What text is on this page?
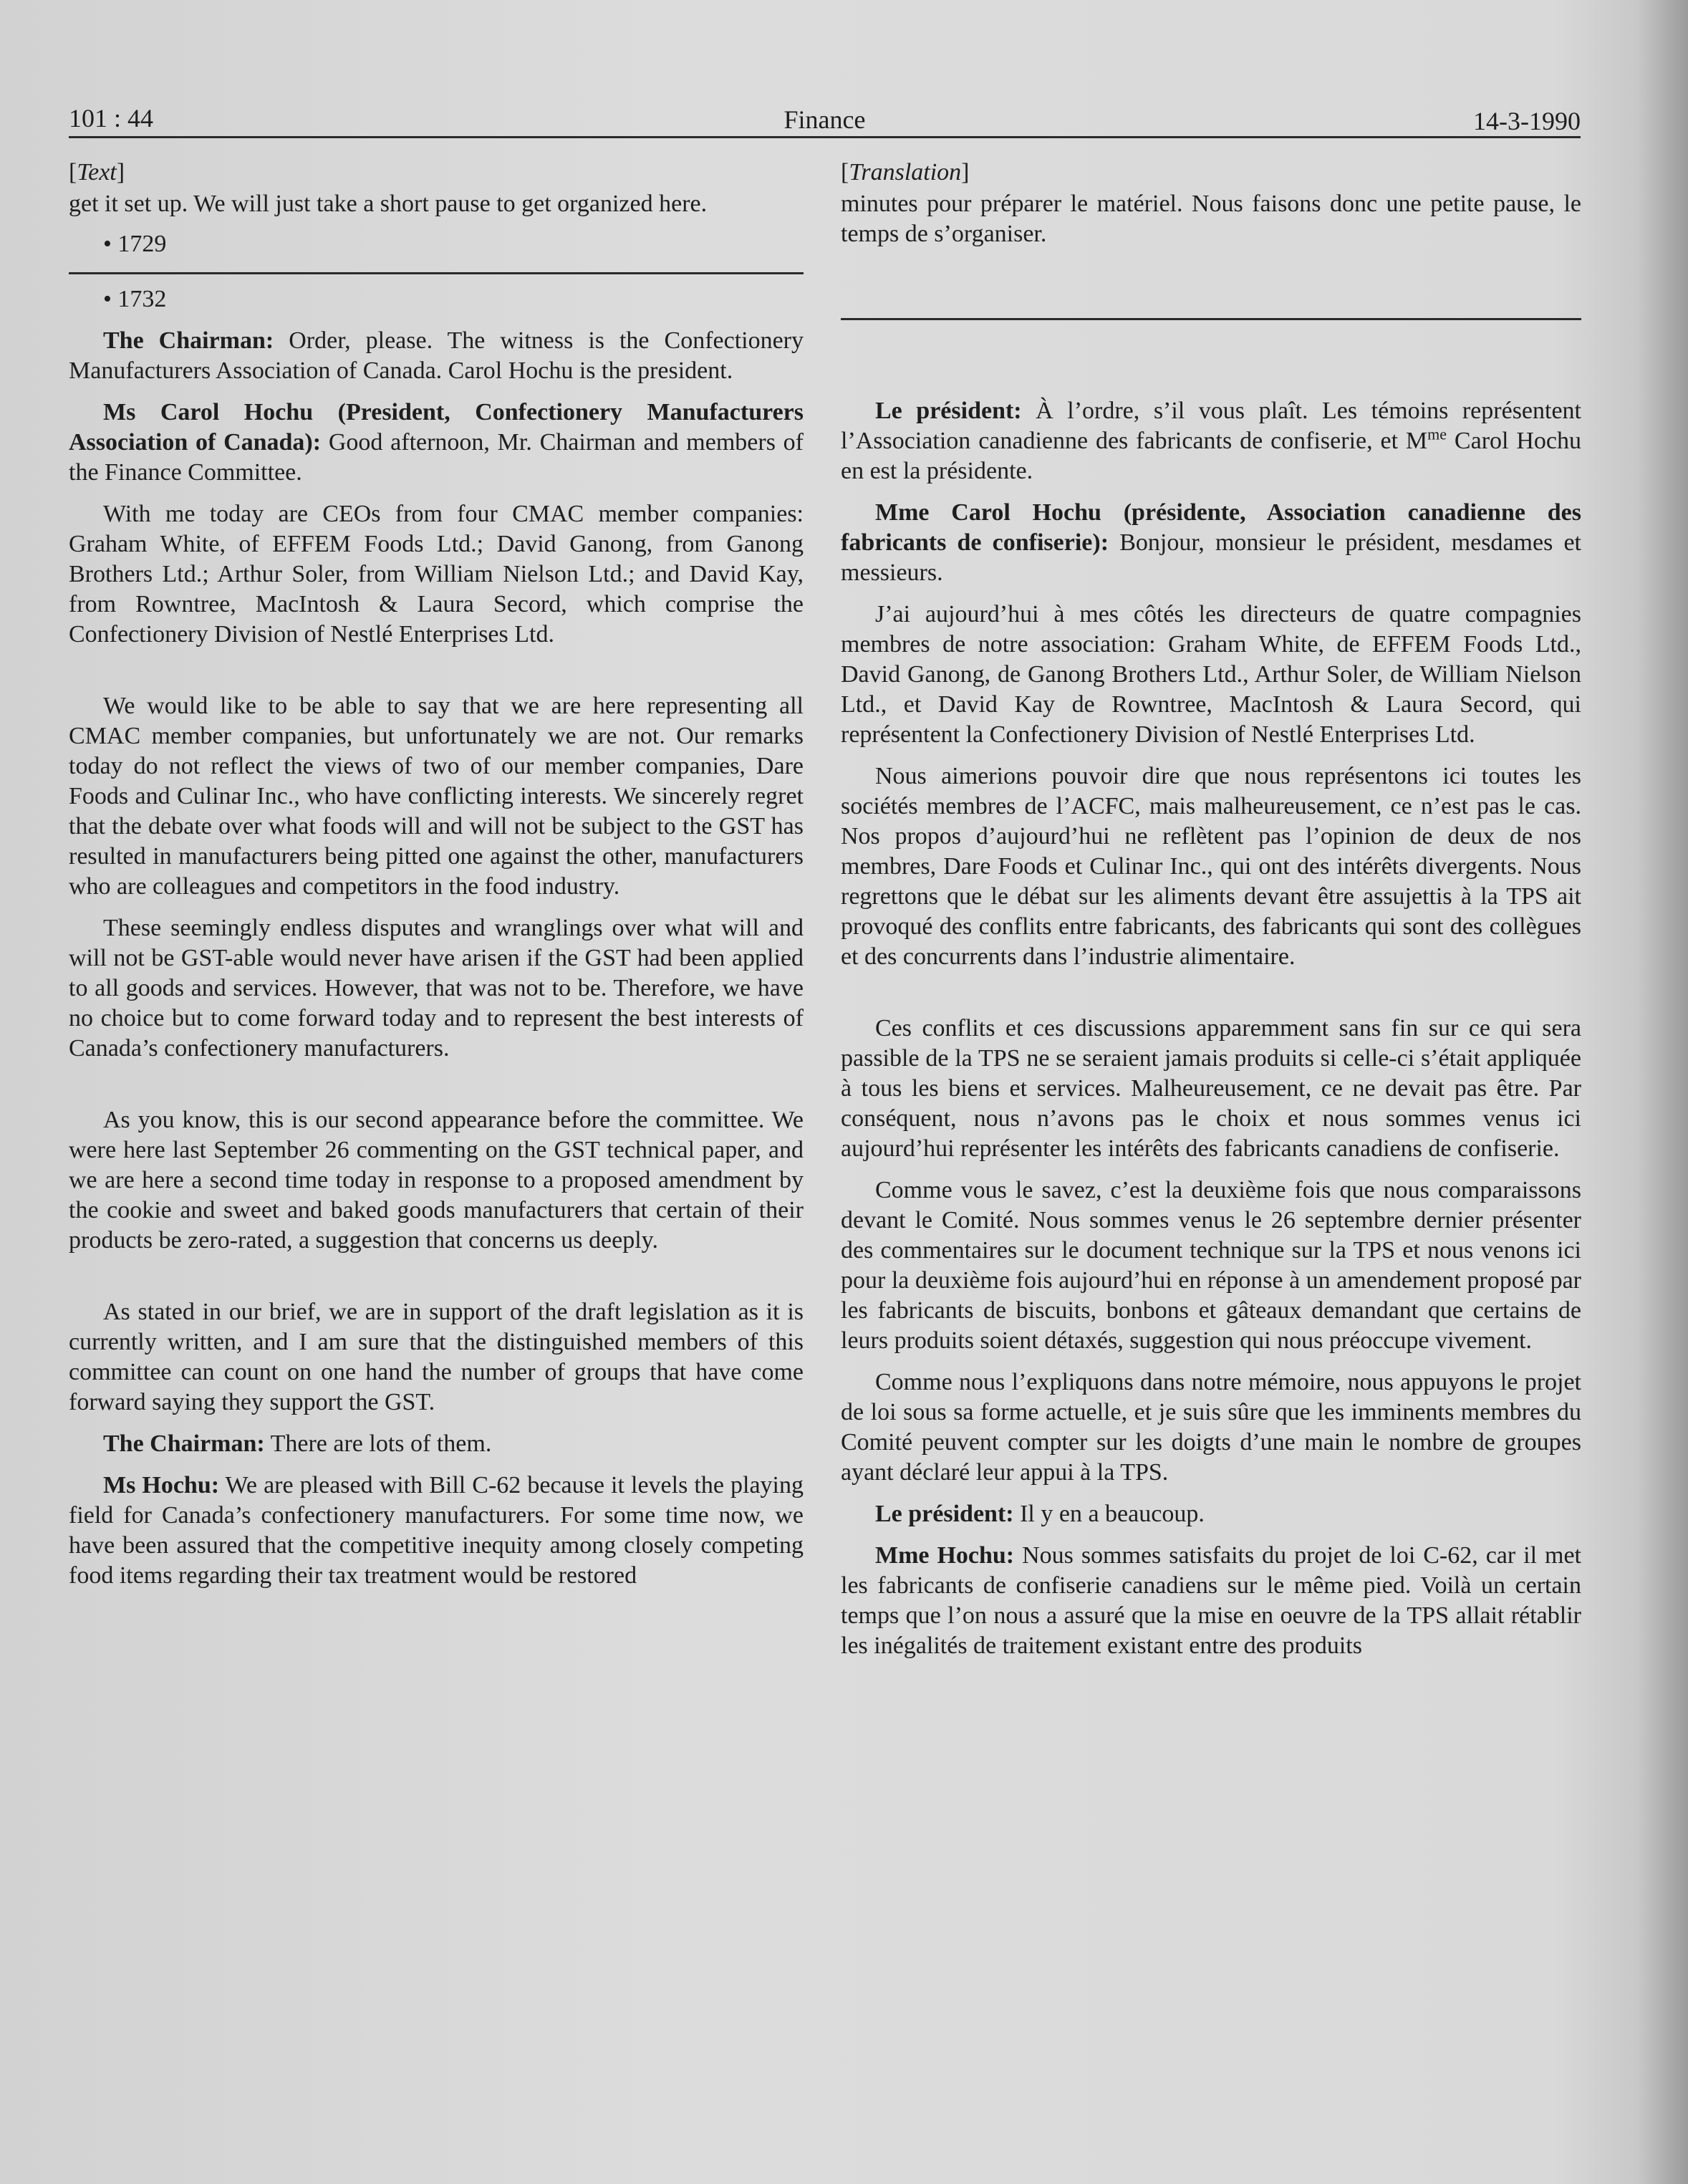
101 : 44	Finance	14-3-1990
[Text]

get it set up. We will just take a short pause to get organized here.

• 1729

• 1732

The Chairman: Order, please. The witness is the Confectionery Manufacturers Association of Canada. Carol Hochu is the president.

Ms Carol Hochu (President, Confectionery Manufacturers Association of Canada): Good afternoon, Mr. Chairman and members of the Finance Committee.

With me today are CEOs from four CMAC member companies: Graham White, of EFFEM Foods Ltd.; David Ganong, from Ganong Brothers Ltd.; Arthur Soler, from William Nielson Ltd.; and David Kay, from Rowntree, MacIntosh & Laura Secord, which comprise the Confectionery Division of Nestlé Enterprises Ltd.

We would like to be able to say that we are here representing all CMAC member companies, but unfortunately we are not. Our remarks today do not reflect the views of two of our member companies, Dare Foods and Culinar Inc., who have conflicting interests. We sincerely regret that the debate over what foods will and will not be subject to the GST has resulted in manufacturers being pitted one against the other, manufacturers who are colleagues and competitors in the food industry.

These seemingly endless disputes and wranglings over what will and will not be GST-able would never have arisen if the GST had been applied to all goods and services. However, that was not to be. Therefore, we have no choice but to come forward today and to represent the best interests of Canada’s confectionery manufacturers.

As you know, this is our second appearance before the committee. We were here last September 26 commenting on the GST technical paper, and we are here a second time today in response to a proposed amendment by the cookie and sweet and baked goods manufacturers that certain of their products be zero-rated, a suggestion that concerns us deeply.

As stated in our brief, we are in support of the draft legislation as it is currently written, and I am sure that the distinguished members of this committee can count on one hand the number of groups that have come forward saying they support the GST.

The Chairman: There are lots of them.

Ms Hochu: We are pleased with Bill C-62 because it levels the playing field for Canada’s confectionery manufacturers. For some time now, we have been assured that the competitive inequity among closely competing food items regarding their tax treatment would be restored

[Translation]

minutes pour préparer le matériel. Nous faisons donc une petite pause, le temps de s’organiser.

Le président: À l’ordre, s’il vous plaît. Les témoins représentent l’Association canadienne des fabricants de confiserie, et $M^{me}$ Carol Hochu en est la présidente.

Mme Carol Hochu (présidente, Association canadienne des fabricants de confiserie): Bonjour, monsieur le président, mesdames et messieurs.

J’ai aujourd’hui à mes côtés les directeurs de quatre compagnies membres de notre association: Graham White, de EFFEM Foods Ltd., David Ganong, de Ganong Brothers Ltd., Arthur Soler, de William Nielson Ltd., et David Kay de Rowntree, MacIntosh & Laura Secord, qui représentent la Confectionery Division of Nestlé Enterprises Ltd.

Nous aimerions pouvoir dire que nous représentons ici toutes les sociétés membres de l’ACFC, mais malheureusement, ce n’est pas le cas. Nos propos d’aujourd’hui ne reflètent pas l’opinion de deux de nos membres, Dare Foods et Culinar Inc., qui ont des intérêts divergents. Nous regrettons que le débat sur les aliments devant être assujettis à la TPS ait provoqué des conflits entre fabricants, des fabricants qui sont des collègues et des concurrents dans l’industrie alimentaire.

Ces conflits et ces discussions apparemment sans fin sur ce qui sera passible de la TPS ne se seraient jamais produits si celle-ci s’était appliquée à tous les biens et services. Malheureusement, ce ne devait pas être. Par conséquent, nous n’avons pas le choix et nous sommes venus ici aujourd’hui représenter les intérêts des fabricants canadiens de confiserie.

Comme vous le savez, c’est la deuxième fois que nous comparaissons devant le Comité. Nous sommes venus le 26 septembre dernier présenter des commentaires sur le document technique sur la TPS et nous venons ici pour la deuxième fois aujourd’hui en réponse à un amendement proposé par les fabricants de biscuits, bonbons et gâteaux demandant que certains de leurs produits soient détaxés, suggestion qui nous préoccupe vivement.

Comme nous l’expliquons dans notre mémoire, nous appuyons le projet de loi sous sa forme actuelle, et je suis sûre que les imminents membres du Comité peuvent compter sur les doigts d’une main le nombre de groupes ayant déclaré leur appui à la TPS.

Le président: Il y en a beaucoup.

Mme Hochu: Nous sommes satisfaits du projet de loi C-62, car il met les fabricants de confiserie canadiens sur le même pied. Voilà un certain temps que l’on nous a assuré que la mise en oeuvre de la TPS allait rétablir les inégalités de traitement existant entre des produits
